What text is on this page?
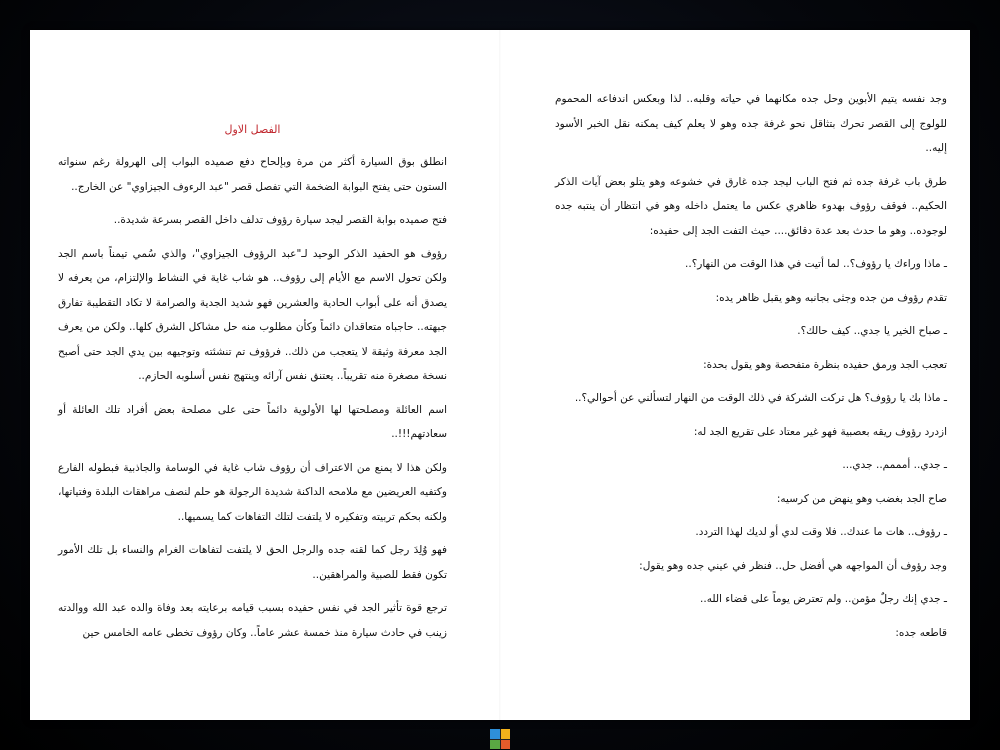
الفصل الاول

انطلق بوق السيارة أكثر من مرة وبإلحاح دفع صميده البواب إلى الهرولة رغم سنواته الستون حتى يفتح البوابة الضخمة التي تفصل قصر "عبد الرءوف الجيزاوي" عن الخارج..

فتح صميده بوابة القصر ليجد سيارة رؤوف تدلف داخل القصر بسرعة شديدة..

رؤوف هو الحفيد الذكر الوحيد لـ"عبد الرؤوف الجيزاوي"، والذي سُمي تيمناً باسم الجد ولكن تحول الاسم مع الأيام إلى رؤوف.. هو شاب غاية في النشاط والإلتزام، من يعرفه لا يصدق أنه على أبواب الحادية والعشرين فهو شديد الجدية والصرامة لا تكاد التقطيبة تفارق جبهته.. حاجباه متعاقدان دائماً وكأن مطلوب منه حل مشاكل الشرق كلها.. ولكن من يعرف الجد معرفة وثيقة لا يتعجب من ذلك.. فرؤوف تم تنشئته وتوجيهه بين يدي الجد حتى أصبح نسخة مصغرة منه تقريباً.. يعتنق نفس آرائه وينتهج نفس أسلوبه الحازم..

اسم العائلة ومصلحتها لها الأولوية دائماً حتى على مصلحة بعض أفراد تلك العائلة أو سعادتهم!!!..

ولكن هذا لا يمنع من الاعتراف أن رؤوف شاب غاية في الوسامة والجاذبية فبطوله الفارع وكتفيه العريضين مع ملامحه الداكنة شديدة الرجولة هو حلم لنصف مراهقات البلدة وفتياتها، ولكنه بحكم تربيته وتفكيره لا يلتفت لتلك التفاهات كما يسميها..

فهو وُلِدَ رجل كما لقنه جده والرجل الحق لا يلتفت لتفاهات الغرام والنساء بل تلك الأمور تكون فقط للصبية والمراهقين..

ترجع قوة تأثير الجد في نفس حفيده بسبب قيامه برعايته بعد وفاة والده عبد الله ووالدته زينب في حادث سيارة منذ خمسة عشر عاماً.. وكان رؤوف تخطى عامه الخامس حين

وجد نفسه يتيم الأبوين وحل جده مكانهما في حياته وقلبه.. لذا وبعكس اندفاعه المحموم للولوج إلى القصر تحرك بتثاقل نحو غرفة جده وهو لا يعلم كيف يمكنه نقل الخبر الأسود إليه..

طرق باب غرفة جده ثم فتح الباب ليجد جده غارق في خشوعه وهو يتلو بعض آيات الذكر الحكيم.. فوقف رؤوف بهدوء ظاهري عكس ما يعتمل داخله وهو في انتظار أن ينتبه جده لوجوده.. وهو ما حدث بعد عدة دقائق.... حيث التفت الجد إلى حفيده:

ـ ماذا وراءك يا رؤوف؟.. لما أتيت في هذا الوقت من النهار؟..

تقدم رؤوف من جده وجثى بجانبه وهو يقبل ظاهر يده:

ـ صباح الخير يا جدي.. كيف حالك؟.

تعجب الجد ورمق حفيده بنظرة متفحصة وهو يقول بحدة:

ـ ماذا بك يا رؤوف؟ هل تركت الشركة في ذلك الوقت من النهار لتسألني عن أحوالي؟..

ازدرد رؤوف ريقه بعصبية فهو غير معتاد على تقريع الجد له:

ـ جدي.. أمممم.. جدي...

صاح الجد بغضب وهو ينهض من كرسيه:

ـ رؤوف.. هات ما عندك.. فلا وقت لدي أو لديك لهذا التردد.

وجد رؤوف أن المواجهه هي أفضل حل.. فنظر في عيني جده وهو يقول:

ـ جدي إنك رجلٌ مؤمن.. ولم تعترض يوماً على قضاء الله..

قاطعه جده:
